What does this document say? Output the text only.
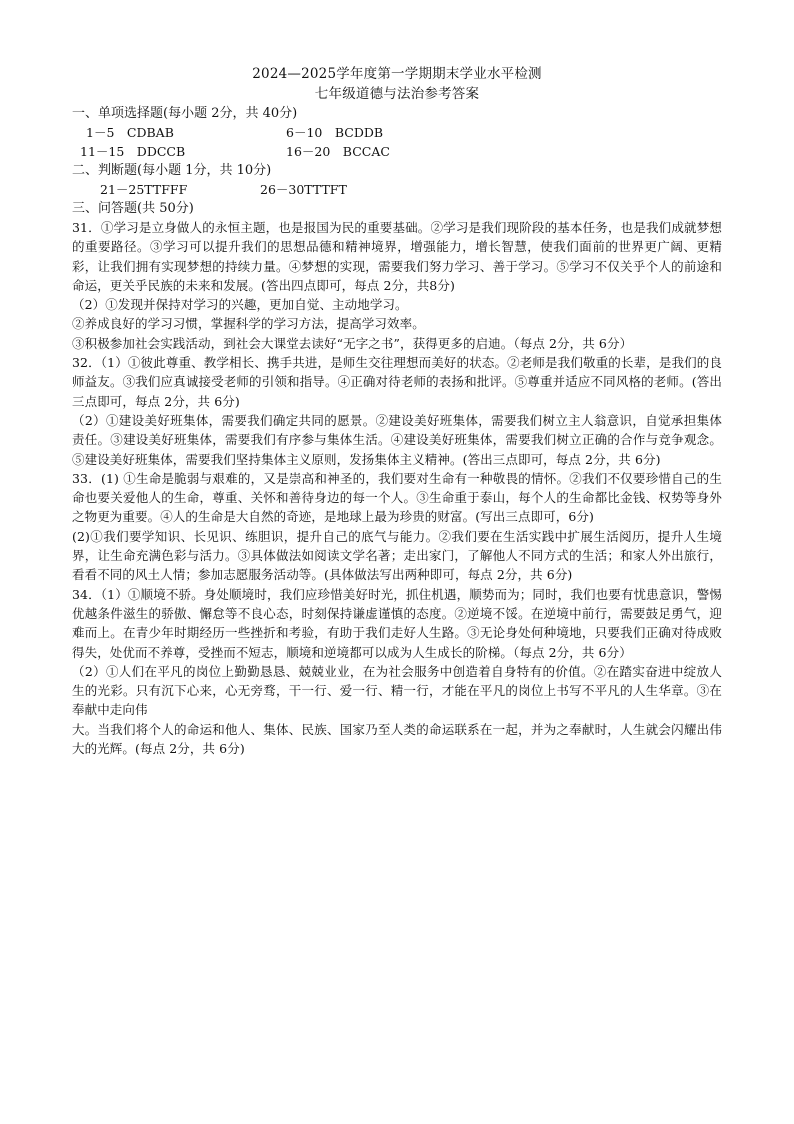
2024—2025学年度第一学期期末学业水平检测
七年级道德与法治参考答案
一、单项选择题(每小题 2分，共 40分)
1－5　CDBAB	6－10　BCDDB
11－15　DDCCB	16－20　BCCAC
二、判断题(每小题 1分，共 10分)
21－25TTFFF	26－30TTTFT
三、问答题(共 50分)

31．①学习是立身做人的永恒主题，也是报国为民的重要基础。②学习是我们现阶段的基本任务，也是我们成就梦想的重要路径。③学习可以提升我们的思想品德和精神境界，增强能力，增长智慧，使我们面前的世界更广阔、更精彩，让我们拥有实现梦想的持续力量。④梦想的实现，需要我们努力学习、善于学习。⑤学习不仅关乎个人的前途和命运，更关乎民族的未来和发展。(答出四点即可，每点 2分，共8分)

（2）①发现并保持对学习的兴趣，更加自觉、主动地学习。

②养成良好的学习习惯，掌握科学的学习方法，提高学习效率。

③积极参加社会实践活动，到社会大课堂去读好“无字之书”，获得更多的启迪。（每点 2分，共 6分）

32．（1）①彼此尊重、教学相长、携手共进，是师生交往理想而美好的状态。②老师是我们敬重的长辈，是我们的良师益友。③我们应真诚接受老师的引领和指导。④正确对待老师的表扬和批评。⑤尊重并适应不同风格的老师。(答出三点即可，每点 2分，共 6分)

（2）①建设美好班集体，需要我们确定共同的愿景。②建设美好班集体，需要我们树立主人翁意识，自觉承担集体责任。③建设美好班集体，需要我们有序参与集体生活。④建设美好班集体，需要我们树立正确的合作与竞争观念。⑤建设美好班集体，需要我们坚持集体主义原则，发扬集体主义精神。(答出三点即可，每点 2分，共 6分)

33．(1) ①生命是脆弱与艰难的，又是崇高和神圣的，我们要对生命有一种敬畏的情怀。②我们不仅要珍惜自己的生命也要关爱他人的生命，尊重、关怀和善待身边的每一个人。③生命重于泰山，每个人的生命都比金钱、权势等身外之物更为重要。④人的生命是大自然的奇迹，是地球上最为珍贵的财富。(写出三点即可，6分)

(2)①我们要学知识、长见识、练胆识，提升自己的底气与能力。②我们要在生活实践中扩展生活阅历，提升人生境界，让生命充满色彩与活力。③具体做法如阅读文学名著；走出家门，了解他人不同方式的生活；和家人外出旅行，看看不同的风土人情；参加志愿服务活动等。(具体做法写出两种即可，每点 2分，共 6分)

34．（1）①顺境不骄。身处顺境时，我们应珍惜美好时光，抓住机遇，顺势而为；同时，我们也要有忧患意识，警惕优越条件滋生的骄傲、懈怠等不良心态，时刻保持谦虚谨慎的态度。②逆境不馁。在逆境中前行，需要鼓足勇气，迎难而上。在青少年时期经历一些挫折和考验，有助于我们走好人生路。③无论身处何种境地，只要我们正确对待成败得失，处优而不养尊，受挫而不短志，顺境和逆境都可以成为人生成长的阶梯。（每点 2分，共 6分）

（2）①人们在平凡的岗位上勤勤恳恳、兢兢业业，在为社会服务中创造着自身特有的价值。②在踏实奋进中绽放人生的光彩。只有沉下心来，心无旁骛，干一行、爱一行、精一行，才能在平凡的岗位上书写不平凡的人生华章。③在奉献中走向伟

大。当我们将个人的命运和他人、集体、民族、国家乃至人类的命运联系在一起，并为之奉献时，人生就会闪耀出伟大的光辉。(每点 2分，共 6分)
